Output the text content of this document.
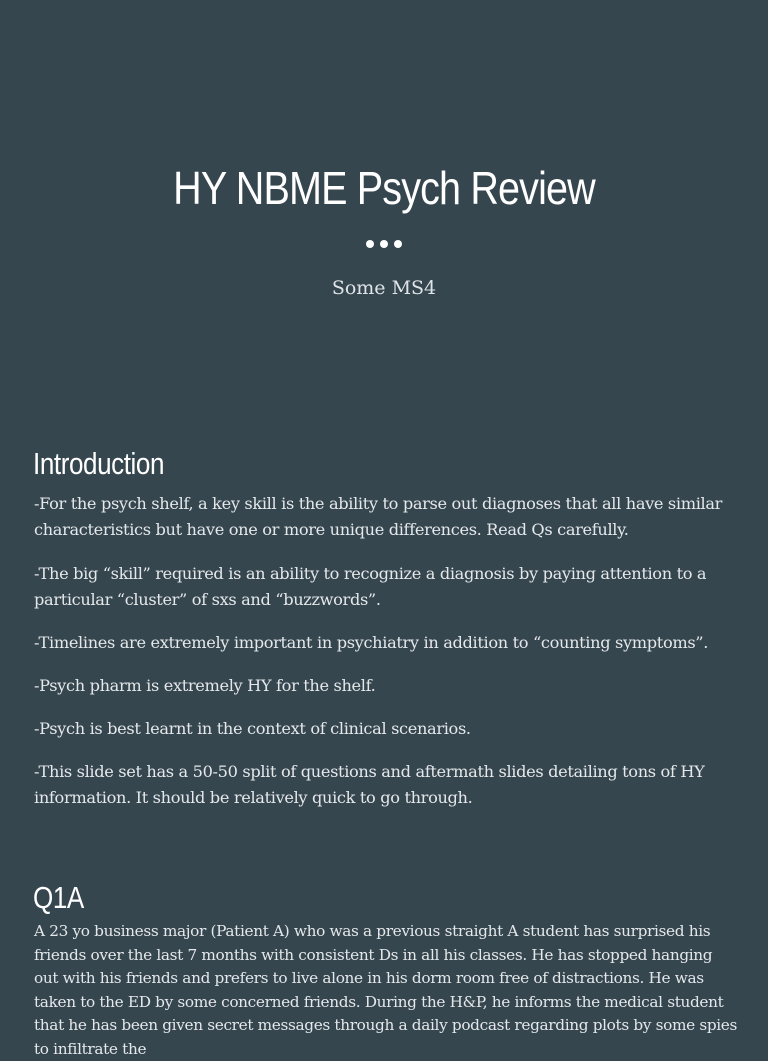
HY NBME Psych Review
Some MS4
Introduction

-For the psych shelf, a key skill is the ability to parse out diagnoses that all have similar characteristics but have one or more unique differences. Read Qs carefully.

-The big “skill” required is an ability to recognize a diagnosis by paying attention to a particular “cluster” of sxs and “buzzwords”.

-Timelines are extremely important in psychiatry in addition to “counting symptoms”.

-Psych pharm is extremely HY for the shelf.

-Psych is best learnt in the context of clinical scenarios.

-This slide set has a 50-50 split of questions and aftermath slides detailing tons of HY information. It should be relatively quick to go through.

Q1A

A 23 yo business major (Patient A) who was a previous straight A student has surprised his friends over the last 7 months with consistent Ds in all his classes. He has stopped hanging out with his friends and prefers to live alone in his dorm room free of distractions. He was taken to the ED by some concerned friends. During the H&P, he informs the medical student that he has been given secret messages through a daily podcast regarding plots by some spies to infiltrate the
